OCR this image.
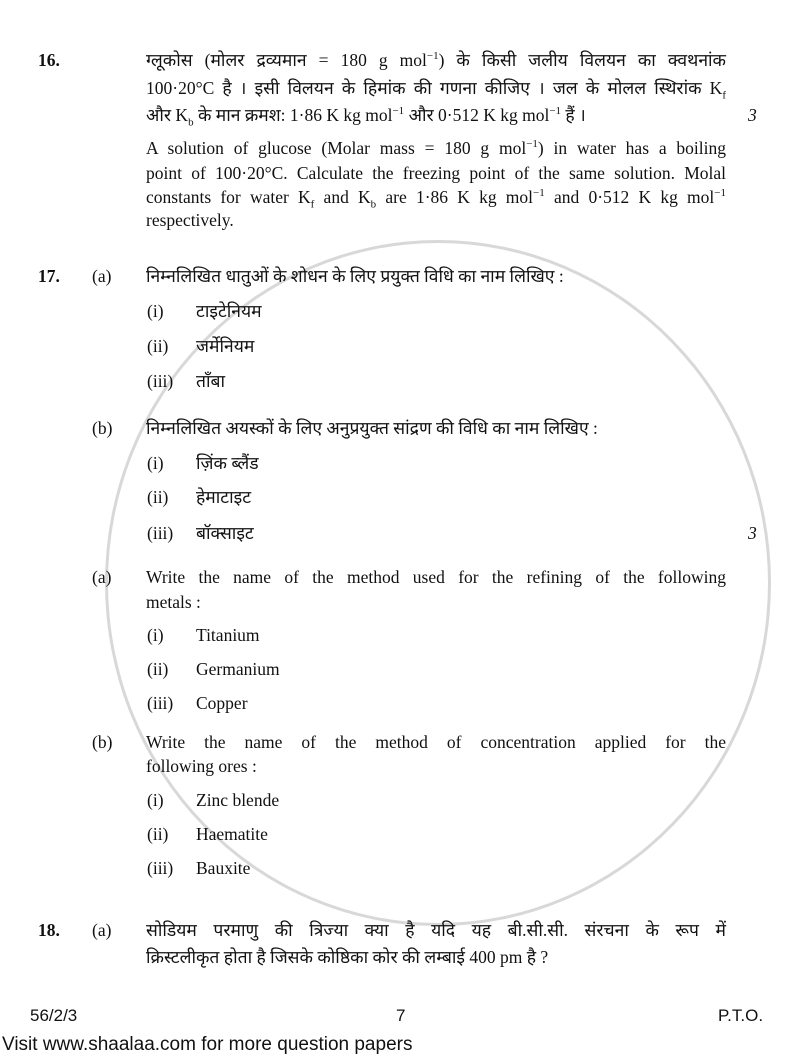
16.	ग्लूकोस (मोलर द्रव्यमान = 180 g mol$^{-1}$) के किसी जलीय विलयन का क्वथनांक
100·20°C है । इसी विलयन के हिमांक की गणना कीजिए । जल के मोलल स्थिरांक $K_f$
और $K_b$ के मान क्रमश: 1·86 K kg mol$^{-1}$ और 0·512 K kg mol$^{-1}$ हैं ।	3
A solution of glucose (Molar mass = 180 g mol$^{-1}$) in water has a boiling
point of 100·20°C. Calculate the freezing point of the same solution. Molal
constants for water $K_f$ and $K_b$ are 1·86 K kg mol$^{-1}$ and 0·512 K kg mol$^{-1}$
respectively.
17. (a) निम्नलिखित धातुओं के शोधन के लिए प्रयुक्त विधि का नाम लिखिए :
(i) टाइटेनियम
(ii) जर्मेनियम
(iii) ताँबा
(b) निम्नलिखित अयस्कों के लिए अनुप्रयुक्त सांद्रण की विधि का नाम लिखिए :
(i) ज़िंक ब्लैंड
(ii) हेमाटाइट
(iii) बॉक्साइट	3
(a) Write the name of the method used for the refining of the following
metals :
(i) Titanium
(ii) Germanium
(iii) Copper
(b) Write the name of the method of concentration applied for the
following ores :
(i) Zinc blende
(ii) Haematite
(iii) Bauxite
18. (a) सोडियम परमाणु की त्रिज्या क्या है यदि यह बी.सी.सी. संरचना के रूप में
क्रिस्टलीकृत होता है जिसके कोष्ठिका कोर की लम्बाई 400 pm है ?
56/2/3	7	P.T.O.
Visit www.shaalaa.com for more question papers
